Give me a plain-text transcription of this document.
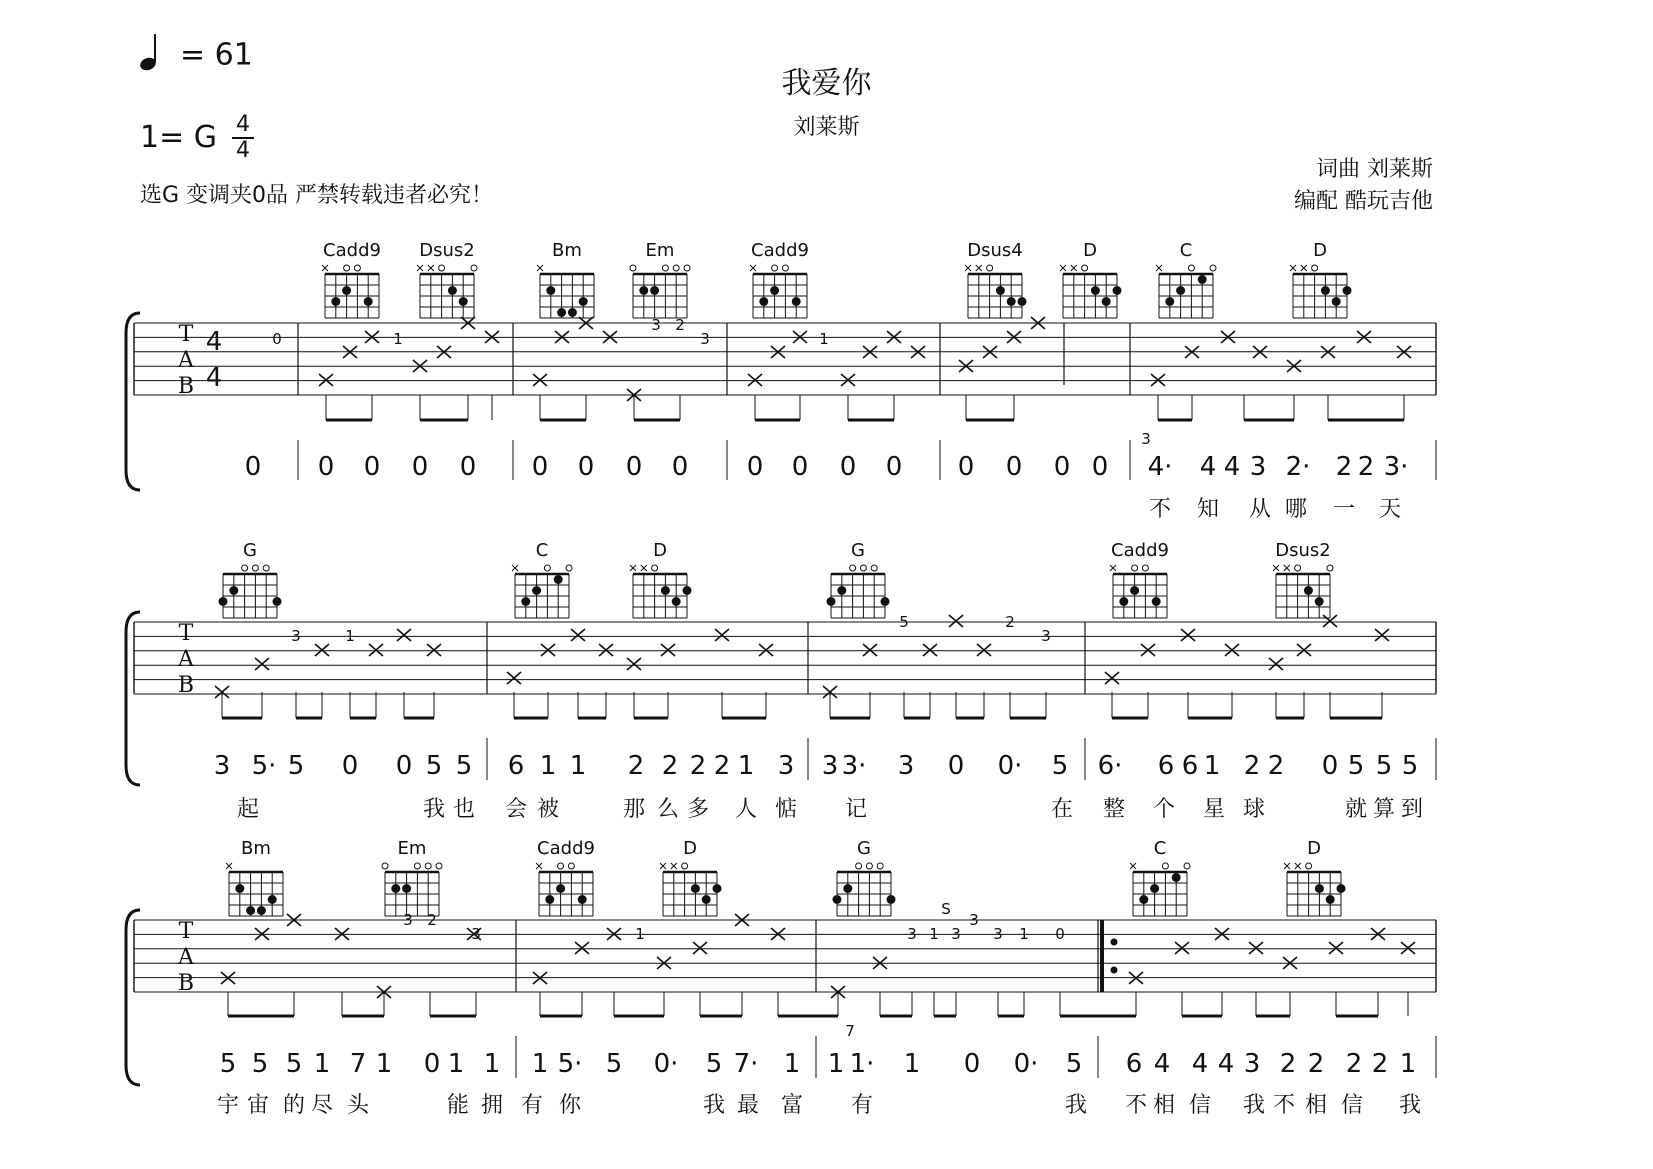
= 61
我爱你
刘莱斯
1= G 4
4
选G 变调夹0品 严禁转载违者必究！
词曲 刘莱斯
编配 酷玩吉他
Cadd9 Dsus2	Bm	Em	Cadd9	Dsus4	D	C	D
T
A
B
4
4
0	1
3 2
3	1
0 0 0 0 0 0 0 0 0 0 0 0 0 0 0 0 0 4· 4 4 3 2· 2 2 3·
3
不 知 从 哪 一 天
G	C	D	G	Cadd9	Dsus2
T
A
B
3	1
5	2
3
3 5· 5 0 0 5 5 6 1 1 2 2 2 2 1 3 3 3· 3 0 0· 5 6· 6 6 1 2 2 0 5 5 5
起	我 也 会 被	那 么 多 人 惦 记	在 整 个 星 球	就 算 到
Bm	Em	Cadd9	D	G	C	D
T
A
B
3 2
3	1	3 1 3
3
3 1 0
S
5 5 5 1 7 1 0 1 1 1 5· 5 0· 5 7· 1 1 1· 1 0 0· 5 6 4 4 4 3 2 2 2 2 1
7
宇 宙 的 尽 头	能 拥 有 你	我 最 富 有	我 不 相 信 我 不 相 信 我
